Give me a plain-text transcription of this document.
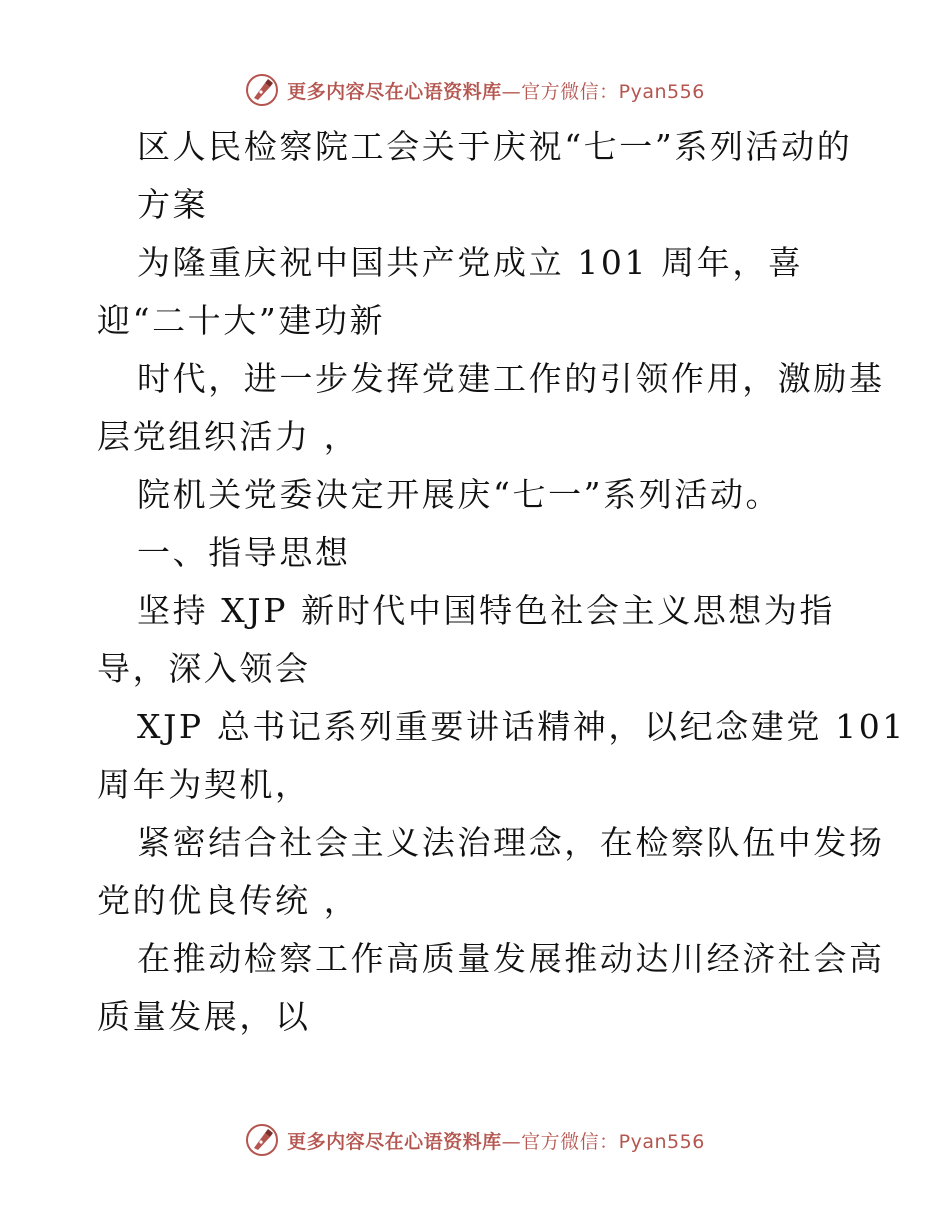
更多内容尽在心语资料库—官方微信：Pyan556
区人民检察院工会关于庆祝“七一”系列活动的
方案
为隆重庆祝中国共产党成立 101 周年，喜
迎“二十大”建功新
时代，进一步发挥党建工作的引领作用，激励基
层党组织活力 ，
院机关党委决定开展庆“七一”系列活动。
一、指导思想
坚持 XJP 新时代中国特色社会主义思想为指
导，深入领会
XJP 总书记系列重要讲话精神，以纪念建党 101
周年为契机，
紧密结合社会主义法治理念，在检察队伍中发扬
党的优良传统 ，
在推动检察工作高质量发展推动达川经济社会高
质量发展，以
更多内容尽在心语资料库—官方微信：Pyan556
